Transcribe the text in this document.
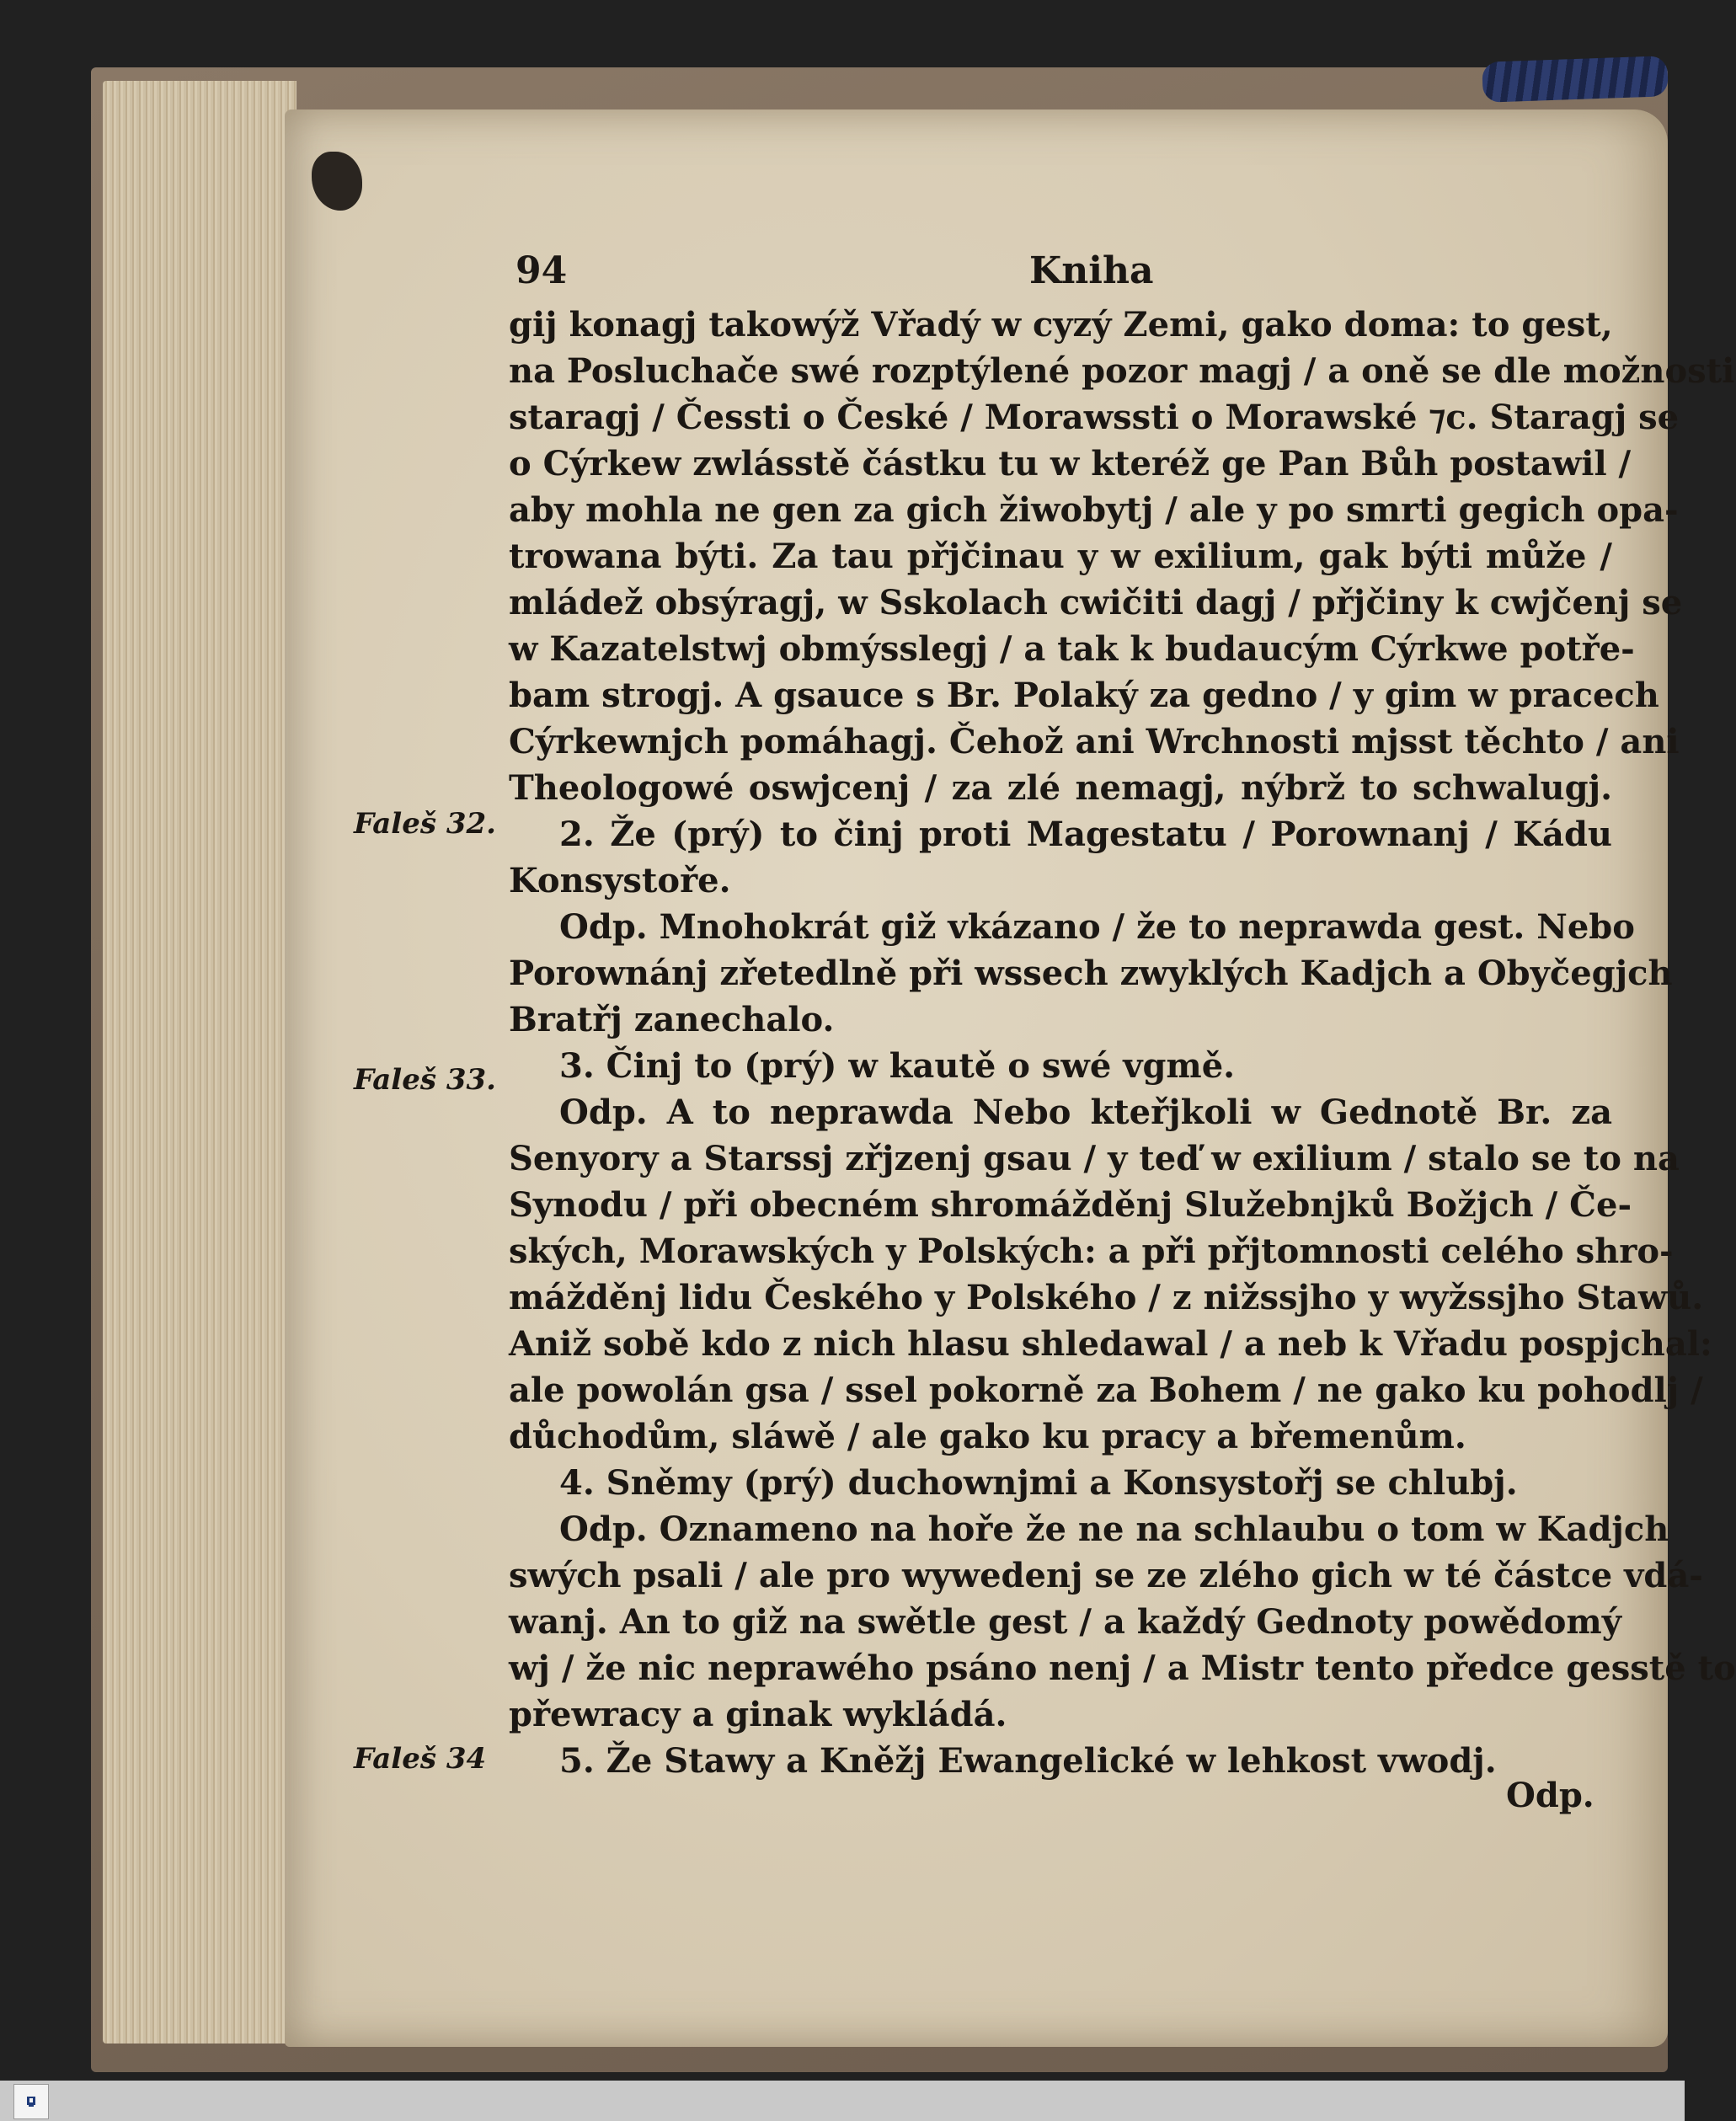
94	Kniha
gij konagj takowýž Vřadý w cyzý Zemi, gako doma: to gest,
na Posluchače swé rozptýlené pozor magj / a oně se dle možnosti
staragj / Čessti o České / Morawssti o Morawské ⁊c. Staragj se
o Cýrkew zwlásstě částku tu w kteréž ge Pan Bůh postawil /
aby mohla ne gen za gich žiwobytj / ale y po smrti gegich opa-
trowana býti. Za tau přjčinau y w exilium, gak býti může /
mládež obsýragj, w Sskolach cwičiti dagj / přjčiny k cwjčenj se
w Kazatelstwj obmýsslegj / a tak k budaucým Cýrkwe potře-
bam strogj. A gsauce s Br. Polaký za gedno / y gim w pracech
Cýrkewnjch pomáhagj. Čehož ani Wrchnosti mjsst těchto / ani
Theologowé oswjcenj / za zlé nemagj, nýbrž to schwalugj.
2. Že (prý) to činj proti Magestatu / Porownanj / Kádu
Konsystoře.
Odp. Mnohokrát giž vkázano / že to neprawda gest. Nebo
Porownánj zřetedlně při wssech zwyklých Kadjch a Obyčegjch
Bratřj zanechalo.
3. Činj to (prý) w kautě o swé vgmě.
Odp. A to neprawda Nebo kteřjkoli w Gednotě Br. za
Senyory a Starssj zřjzenj gsau / y teď w exilium / stalo se to na
Synodu / při obecném shromážděnj Služebnjků Božjch / Če-
ských, Morawských y Polských: a při přjtomnosti celého shro-
mážděnj lidu Českého y Polského / z nižssjho y wyžssjho Stawů.
Aniž sobě kdo z nich hlasu shledawal / a neb k Vřadu pospjchal:
ale powolán gsa / ssel pokorně za Bohem / ne gako ku pohodlj /
důchodům, sláwě / ale gako ku pracy a břemenům.
4. Sněmy (prý) duchownjmi a Konsystořj se chlubj.
Odp. Oznameno na hoře že ne na schlaubu o tom w Kadjch
swých psali / ale pro wywedenj se ze zlého gich w té částce vdá-
wanj. An to giž na swětle gest / a každý Gednoty powědomý
wj / že nic neprawého psáno nenj / a Mistr tento předce gesstě to
přewracy a ginak wykládá.
5. Že Stawy a Kněžj Ewangelické w lehkost vwodj.
Faleš 32.
Faleš 33.
Faleš 34
Odp.
